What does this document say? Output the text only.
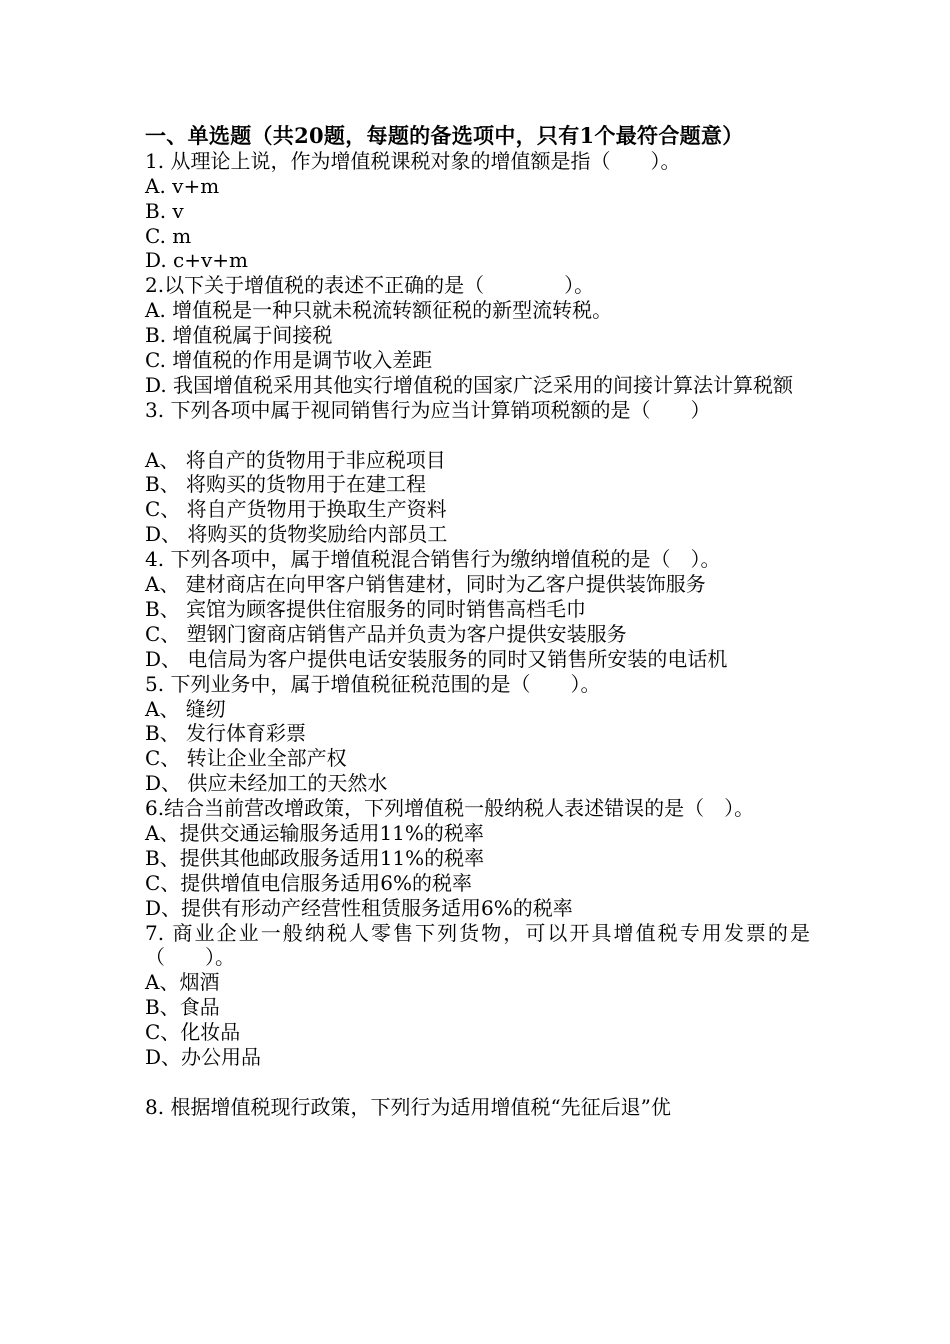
一、单选题（共20题，每题的备选项中，只有1个最符合题意）
1. 从理论上说，作为增值税课税对象的增值额是指（　　）。
A. v+m
B. v
C. m
D. c+v+m
2.以下关于增值税的表述不正确的是（　　　　）。
A. 增值税是一种只就未税流转额征税的新型流转税。
B. 增值税属于间接税
C. 增值税的作用是调节收入差距
D. 我国增值税采用其他实行增值税的国家广泛采用的间接计算法计算税额
3. 下列各项中属于视同销售行为应当计算销项税额的是（　　）
A、 将自产的货物用于非应税项目
B、 将购买的货物用于在建工程
C、 将自产货物用于换取生产资料
D、 将购买的货物奖励给内部员工
4. 下列各项中，属于增值税混合销售行为缴纳增值税的是（　）。
A、 建材商店在向甲客户销售建材，同时为乙客户提供装饰服务
B、 宾馆为顾客提供住宿服务的同时销售高档毛巾
C、 塑钢门窗商店销售产品并负责为客户提供安装服务
D、 电信局为客户提供电话安装服务的同时又销售所安装的电话机
5. 下列业务中，属于增值税征税范围的是（　　）。
A、 缝纫
B、 发行体育彩票
C、 转让企业全部产权
D、 供应未经加工的天然水
6.结合当前营改增政策，下列增值税一般纳税人表述错误的是（　）。
A、提供交通运输服务适用11%的税率
B、提供其他邮政服务适用11%的税率
C、提供增值电信服务适用6%的税率
D、提供有形动产经营性租赁服务适用6%的税率
7. 商业企业一般纳税人零售下列货物，可以开具增值税专用发票的是（　　）。
A、烟酒
B、食品
C、化妆品
D、办公用品
8. 根据增值税现行政策，下列行为适用增值税“先征后退”优
